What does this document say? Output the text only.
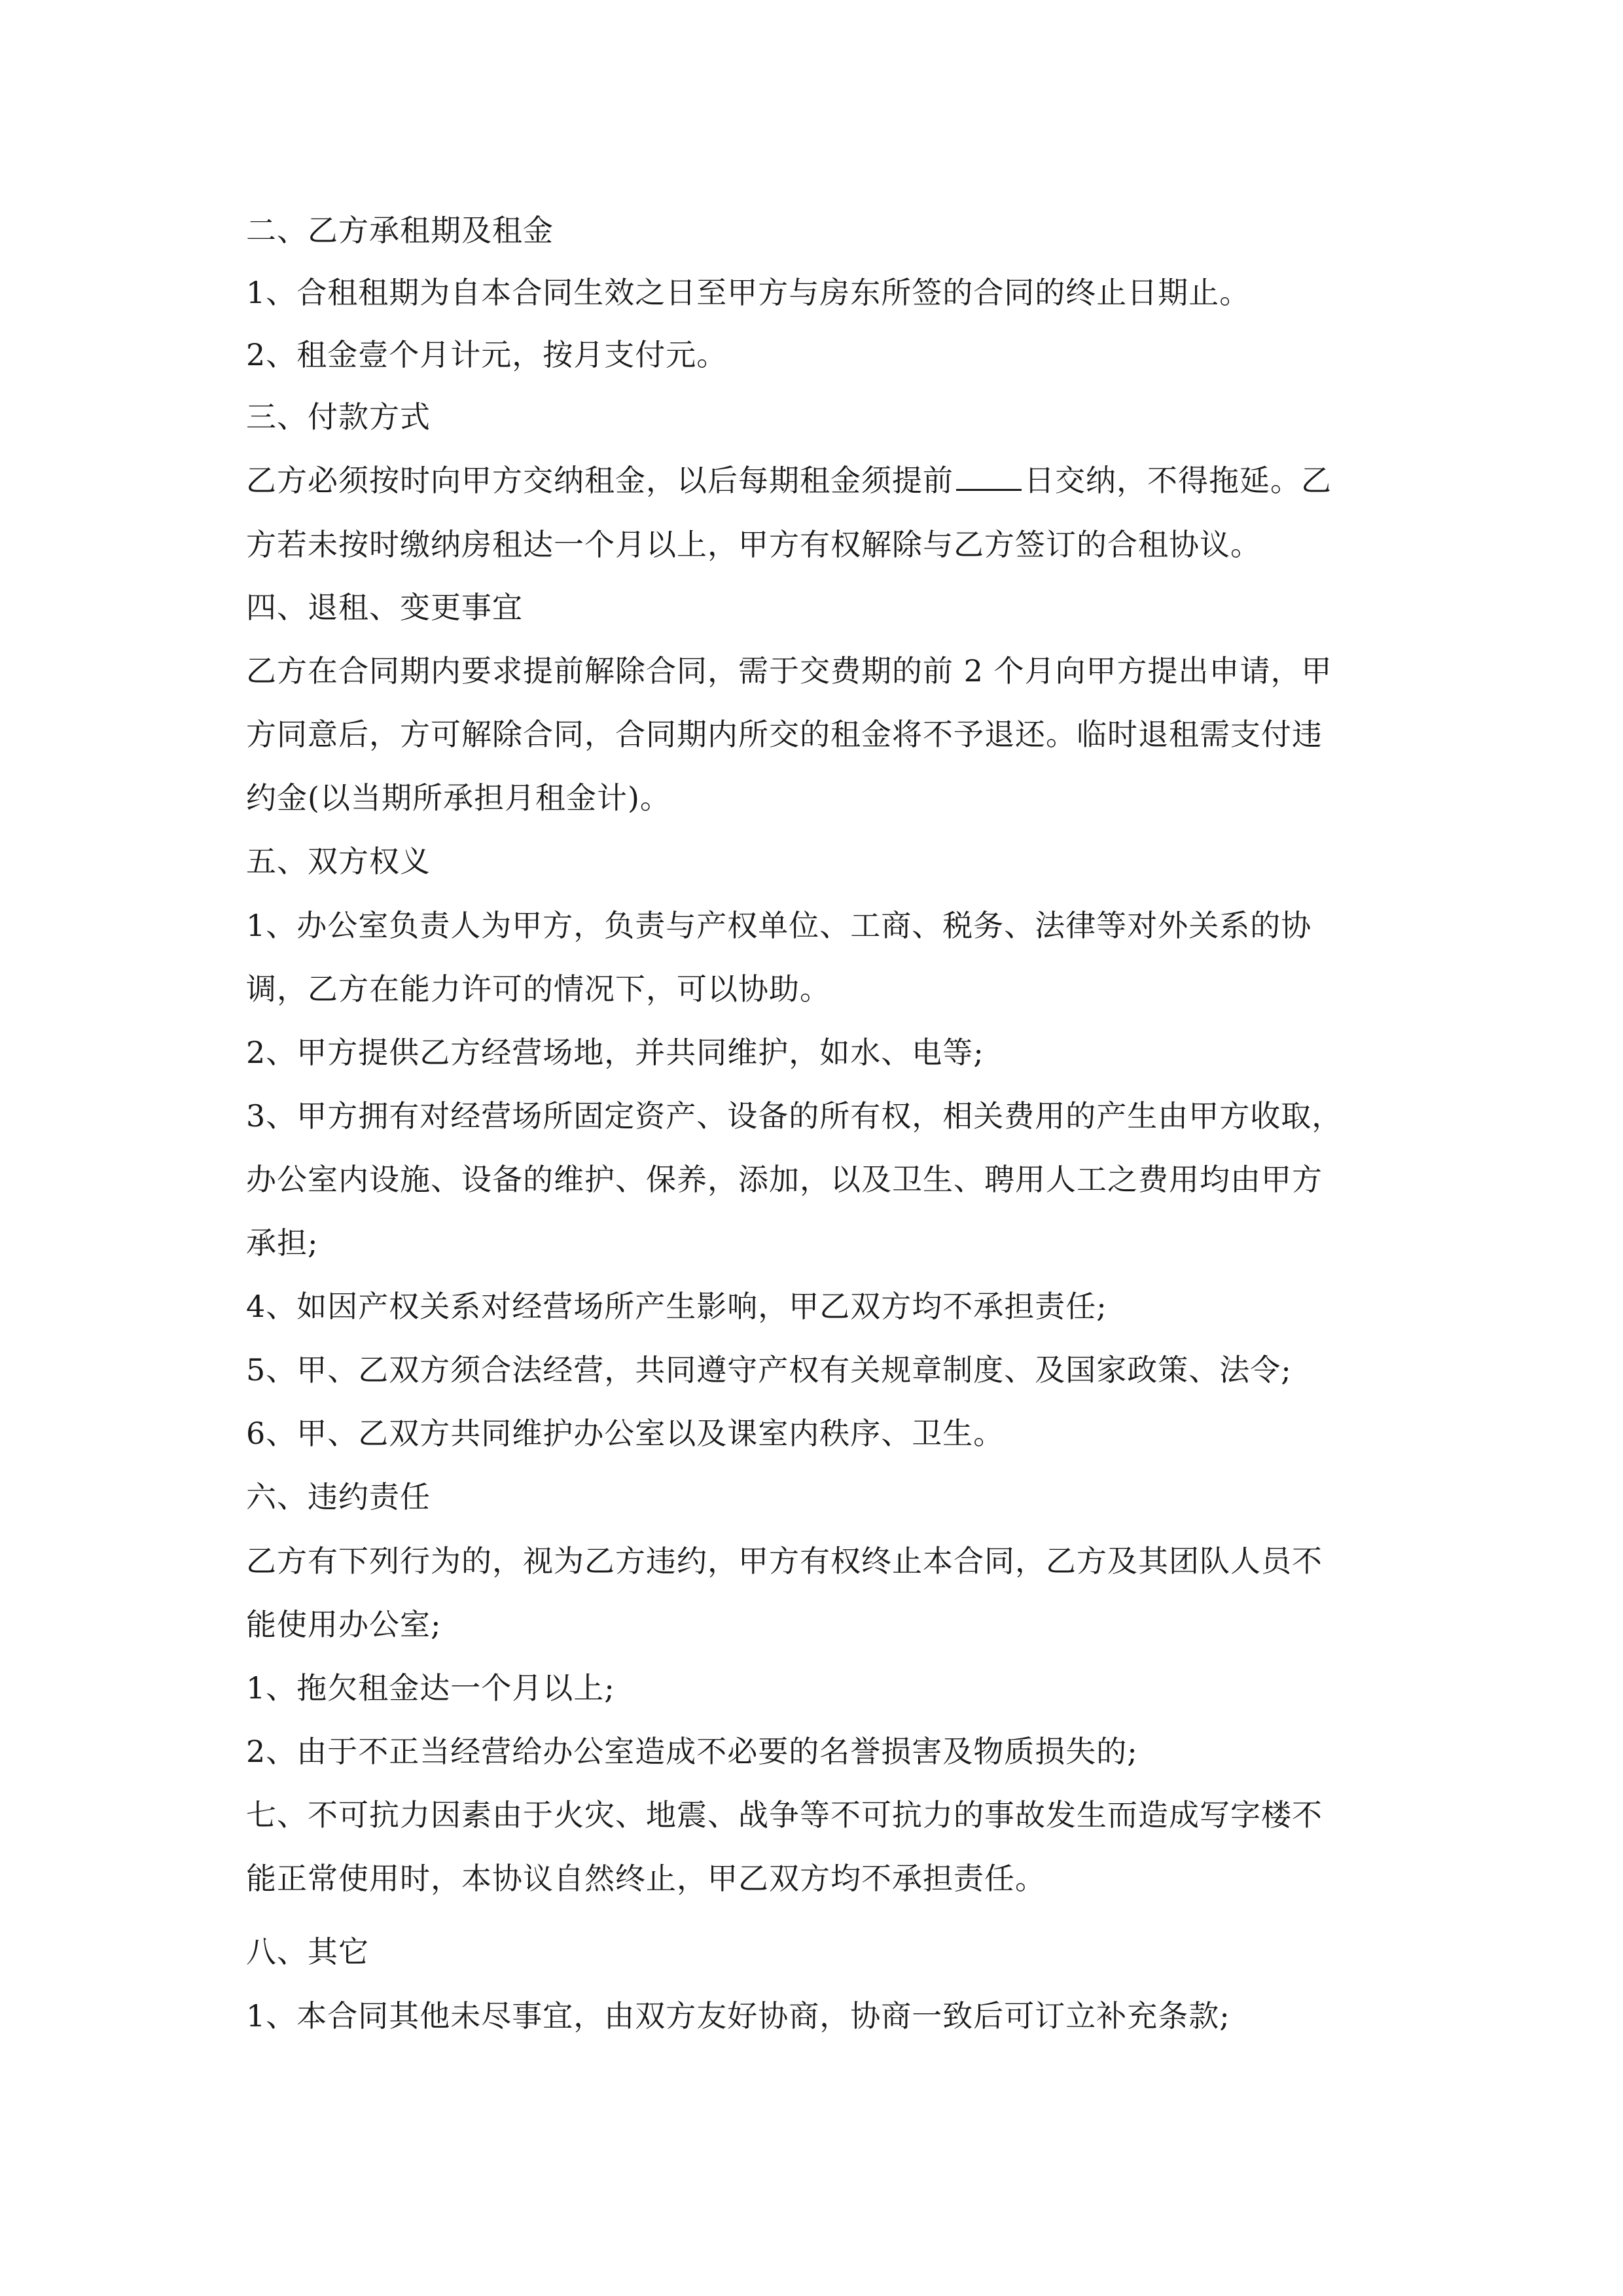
二、乙方承租期及租金
1、合租租期为自本合同生效之日至甲方与房东所签的合同的终止日期止。
2、租金壹个月计元，按月支付元。
三、付款方式
乙方必须按时向甲方交纳租金，以后每期租金须提前 日交纳，不得拖延。乙
方若未按时缴纳房租达一个月以上，甲方有权解除与乙方签订的合租协议。
四、退租、变更事宜
乙方在合同期内要求提前解除合同，需于交费期的前 2 个月向甲方提出申请，甲
方同意后，方可解除合同，合同期内所交的租金将不予退还。临时退租需支付违
约金(以当期所承担月租金计)。
五、双方权义
1、办公室负责人为甲方，负责与产权单位、工商、税务、法律等对外关系的协
调，乙方在能力许可的情况下，可以协助。
2、甲方提供乙方经营场地，并共同维护，如水、电等;
3、甲方拥有对经营场所固定资产、设备的所有权，相关费用的产生由甲方收取，
办公室内设施、设备的维护、保养，添加，以及卫生、聘用人工之费用均由甲方
承担;
4、如因产权关系对经营场所产生影响，甲乙双方均不承担责任;
5、甲、乙双方须合法经营，共同遵守产权有关规章制度、及国家政策、法令;
6、甲、乙双方共同维护办公室以及课室内秩序、卫生。
六、违约责任
乙方有下列行为的，视为乙方违约，甲方有权终止本合同，乙方及其团队人员不
能使用办公室;
1、拖欠租金达一个月以上;
2、由于不正当经营给办公室造成不必要的名誉损害及物质损失的;
七、不可抗力因素由于火灾、地震、战争等不可抗力的事故发生而造成写字楼不
能正常使用时，本协议自然终止，甲乙双方均不承担责任。
八、其它
1、本合同其他未尽事宜，由双方友好协商，协商一致后可订立补充条款;
